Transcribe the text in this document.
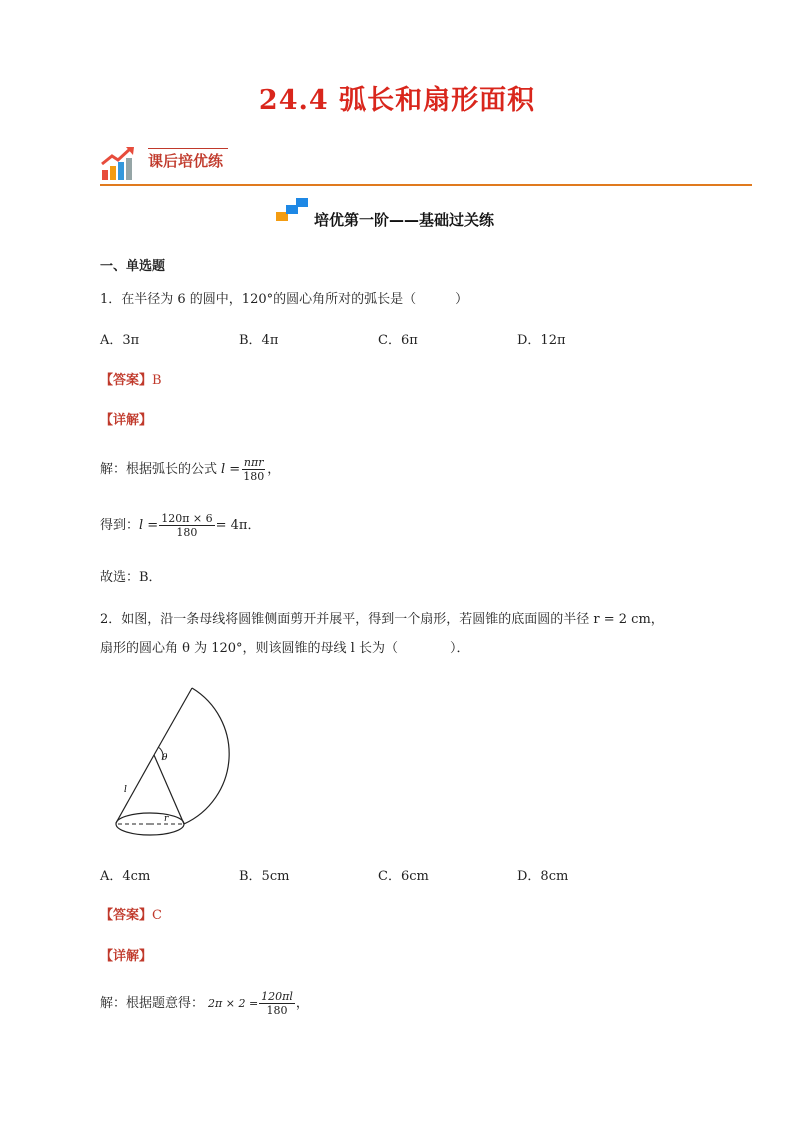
24.4 弧长和扇形面积
课后培优练
培优第一阶——基础过关练
一、单选题
1．在半径为 6 的圆中，120°的圆心角所对的弧长是（　　　）
A．3π	B．4π	C．6π	D．12π
【答案】B
【详解】
解：根据弧长的公式 $l = \frac{\text{nπr}}{180}$ ，
得到： $l = \frac{120\pi \times 6}{180} = 4\pi$．
故选：B．
2．如图，沿一条母线将圆锥侧面剪开并展平，得到一个扇形，若圆锥的底面圆的半径 r = 2 cm，
扇形的圆心角 θ 为 120°，则该圆锥的母线 l 长为（　　　　）．
θ
l
r
A．4cm	B．5cm	C．6cm	D．8cm
【答案】C
【详解】
解：根据题意得： $2\pi \times 2 = \frac{120\pi l}{180}$ ，
